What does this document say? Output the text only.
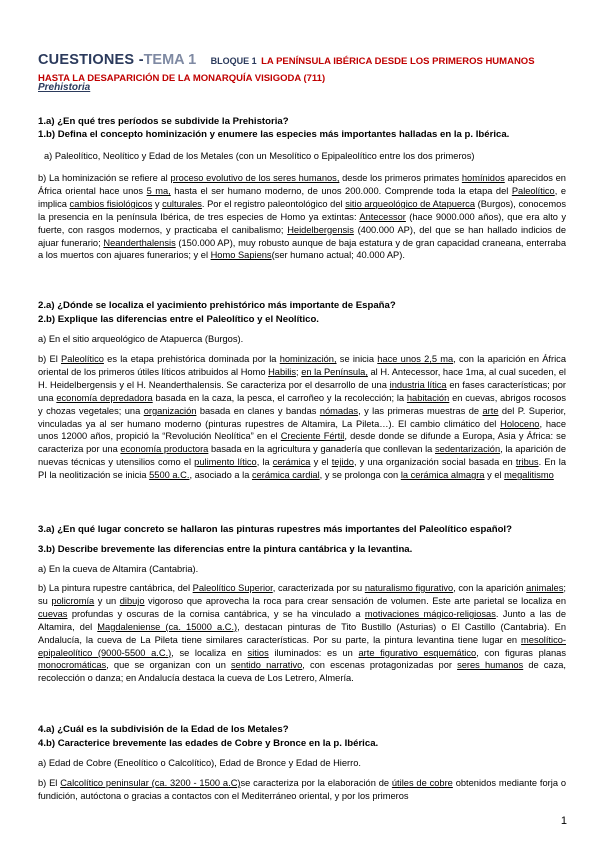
CUESTIONES -TEMA 1 BLOQUE 1 LA PENÍNSULA IBÉRICA DESDE LOS PRIMEROS HUMANOS HASTA LA DESAPARICIÓN DE LA MONARQUÍA VISIGODA (711)
Prehistoria
1.a) ¿En qué tres períodos se subdivide la Prehistoria?
1.b) Defina el concepto hominización y enumere las especies más importantes halladas en la p. Ibérica.
a) Paleolítico, Neolítico y Edad de los Metales (con un Mesolítico o Epipaleolítico entre los dos primeros)
b) La hominización se refiere al proceso evolutivo de los seres humanos, desde los primeros primates homínidos aparecidos en África oriental hace unos 5 ma, hasta el ser humano moderno, de unos 200.000. Comprende toda la etapa del Paleolítico, e implica cambios fisiológicos y culturales. Por el registro paleontológico del sitio arqueológico de Atapuerca (Burgos), conocemos la presencia en la península Ibérica, de tres especies de Homo ya extintas: Antecessor (hace 9000.000 años), que era alto y fuerte, con rasgos modernos, y practicaba el canibalismo; Heidelbergensis (400.000 AP), del que se han hallado indicios de ajuar funerario; Neanderthalensis (150.000 AP), muy robusto aunque de baja estatura y de gran capacidad craneana, enterraba a los muertos con ajuares funerarios; y el Homo Sapiens(ser humano actual; 40.000 AP).
2.a) ¿Dónde se localiza el yacimiento prehistórico más importante de España?
2.b) Explique las diferencias entre el Paleolítico y el Neolítico.
a) En el sitio arqueológico de Atapuerca (Burgos).
b) El Paleolítico es la etapa prehistórica dominada por la hominización, se inicia hace unos 2,5 ma, con la aparición en África oriental de los primeros útiles líticos atribuidos al Homo Habilis; en la Península, al H. Antecessor, hace 1ma, al cual suceden, el H. Heidelbergensis y el H. Neanderthalensis. Se caracteriza por el desarrollo de una industria lítica en fases características; por una economía depredadora basada en la caza, la pesca, el carroñeo y la recolección; la habitación en cuevas, abrigos rocosos y chozas vegetales; una organización basada en clanes y bandas nómadas, y las primeras muestras de arte del P. Superior, vinculadas ya al ser humano moderno (pinturas rupestres de Altamira, La Pileta…). El cambio climático del Holoceno, hace unos 12000 años, propició la “Revolución Neolítica” en el Creciente Fértil, desde donde se difunde a Europa, Asia y África: se caracteriza por una economía productora basada en la agricultura y ganadería que conllevan la sedentarización, la aparición de nuevas técnicas y utensilios como el pulimento lítico, la cerámica y el tejido, y una organización social basada en tribus. En la PI la neolitización se inicia 5500 a.C., asociado a la cerámica cardial, y se prolonga con la cerámica almagra y el megalitismo
3.a) ¿En qué lugar concreto se hallaron las pinturas rupestres más importantes del Paleolítico español?
3.b) Describe brevemente las diferencias entre la pintura cantábrica y la levantina.
a) En la cueva de Altamira (Cantabria).
b) La pintura rupestre cantábrica, del Paleolítico Superior, caracterizada por su naturalismo figurativo, con la aparición animales; su policromía y un dibujo vigoroso que aprovecha la roca para crear sensación de volumen. Este arte parietal se localiza en cuevas profundas y oscuras de la cornisa cantábrica, y se ha vinculado a motivaciones mágico-religiosas. Junto a las de Altamira, del Magdaleniense (ca. 15000 a.C.), destacan pinturas de Tito Bustillo (Asturias) o El Castillo (Cantabria). En Andalucía, la cueva de La Pileta tiene similares características. Por su parte, la pintura levantina tiene lugar en mesolítico-epipaleolítico (9000-5500 a.C.), se localiza en sitios iluminados: es un arte figurativo esquemático, con figuras planas monocromáticas, que se organizan con un sentido narrativo, con escenas protagonizadas por seres humanos de caza, recolección o danza; en Andalucía destaca la cueva de Los Letrero, Almería.
4.a) ¿Cuál es la subdivisión de la Edad de los Metales?
4.b) Caracterice brevemente las edades de Cobre y Bronce en la p. Ibérica.
a) Edad de Cobre (Eneolítico o Calcolítico), Edad de Bronce y Edad de Hierro.
b) El Calcolítico peninsular (ca. 3200 - 1500 a.C)se caracteriza por la elaboración de útiles de cobre obtenidos mediante forja o fundición, autóctona o gracias a contactos con el Mediterráneo oriental, y por los primeros
1
